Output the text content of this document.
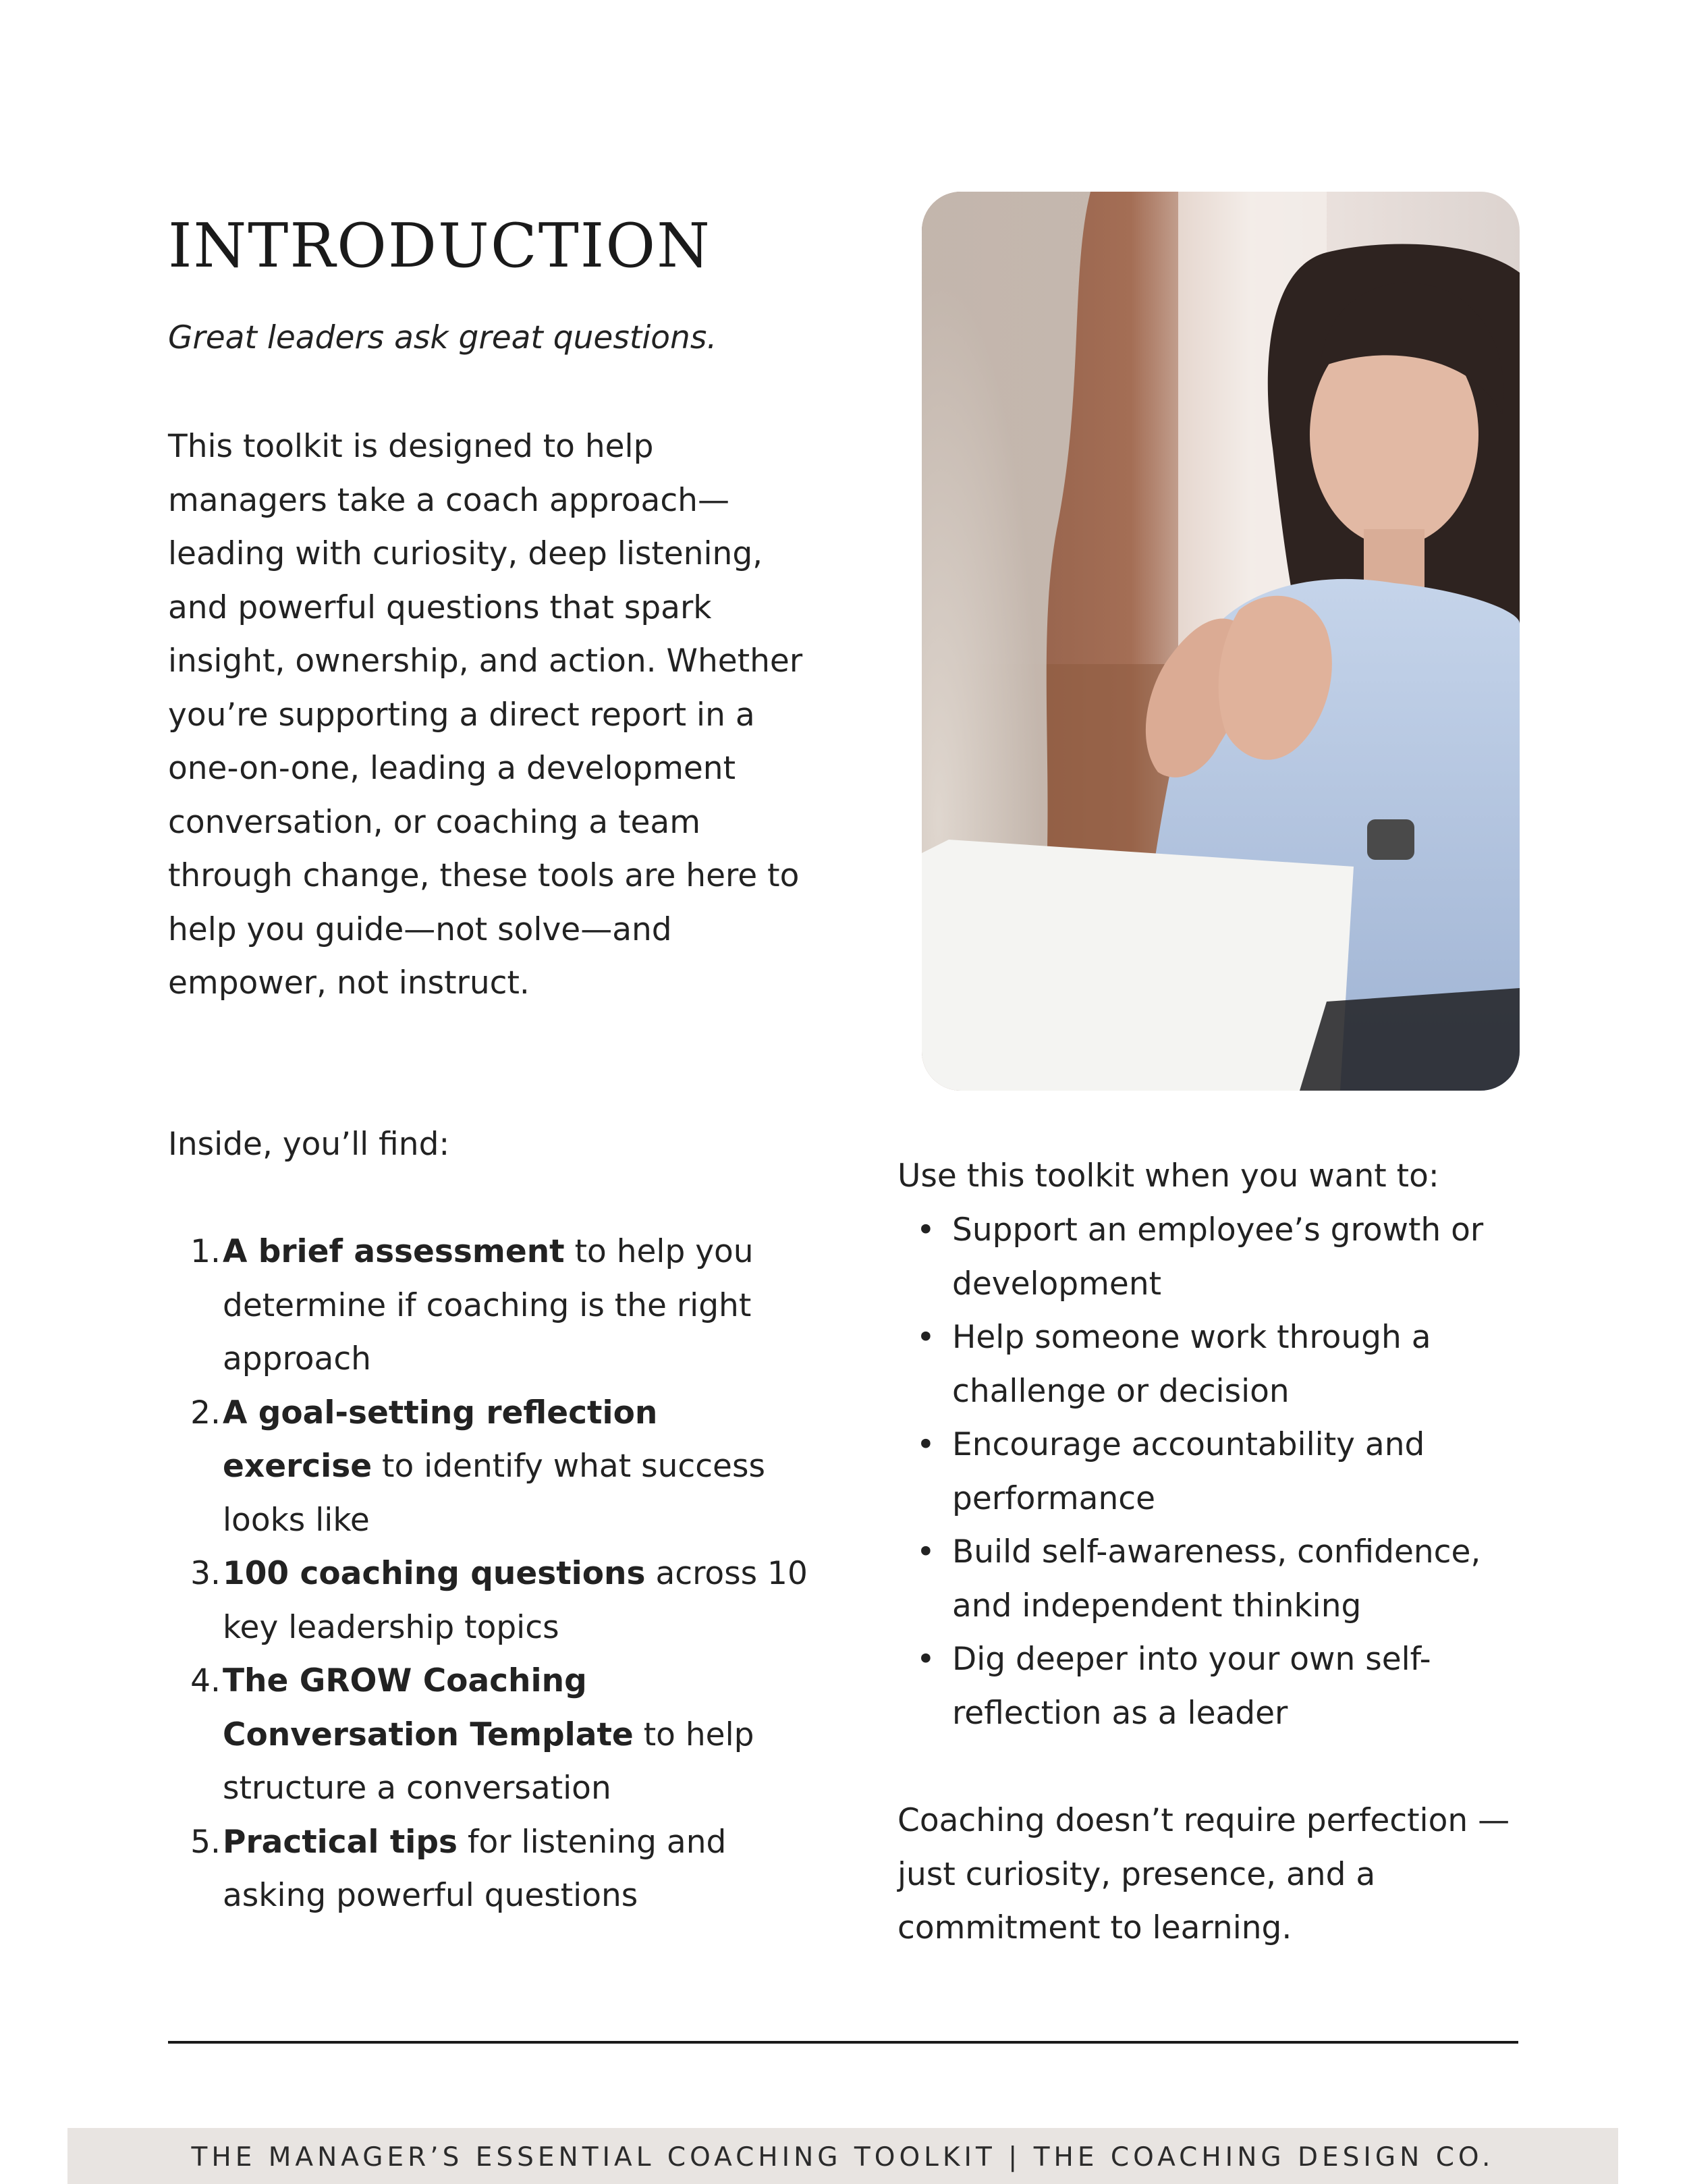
INTRODUCTION

Great leaders ask great questions.

This toolkit is designed to help managers take a coach approach— leading with curiosity, deep listening, and powerful questions that spark insight, ownership, and action. Whether you’re supporting a direct report in a one-on-one, leading a development conversation, or coaching a team through change, these tools are here to help you guide—not solve—and empower, not instruct.

Inside, you’ll find:

1. A brief assessment to help you determine if coaching is the right approach
2. A goal-setting reflection exercise to identify what success looks like
3. 100 coaching questions across 10 key leadership topics
4. The GROW Coaching Conversation Template to help structure a conversation
5. Practical tips for listening and asking powerful questions

Use this toolkit when you want to:

• Support an employee’s growth or development
• Help someone work through a challenge or decision
• Encourage accountability and performance
• Build self-awareness, confidence, and independent thinking
• Dig deeper into your own self-reflection as a leader

Coaching doesn’t require perfection —just curiosity, presence, and a commitment to learning.

THE MANAGER’S ESSENTIAL COACHING TOOLKIT | THE COACHING DESIGN CO.
